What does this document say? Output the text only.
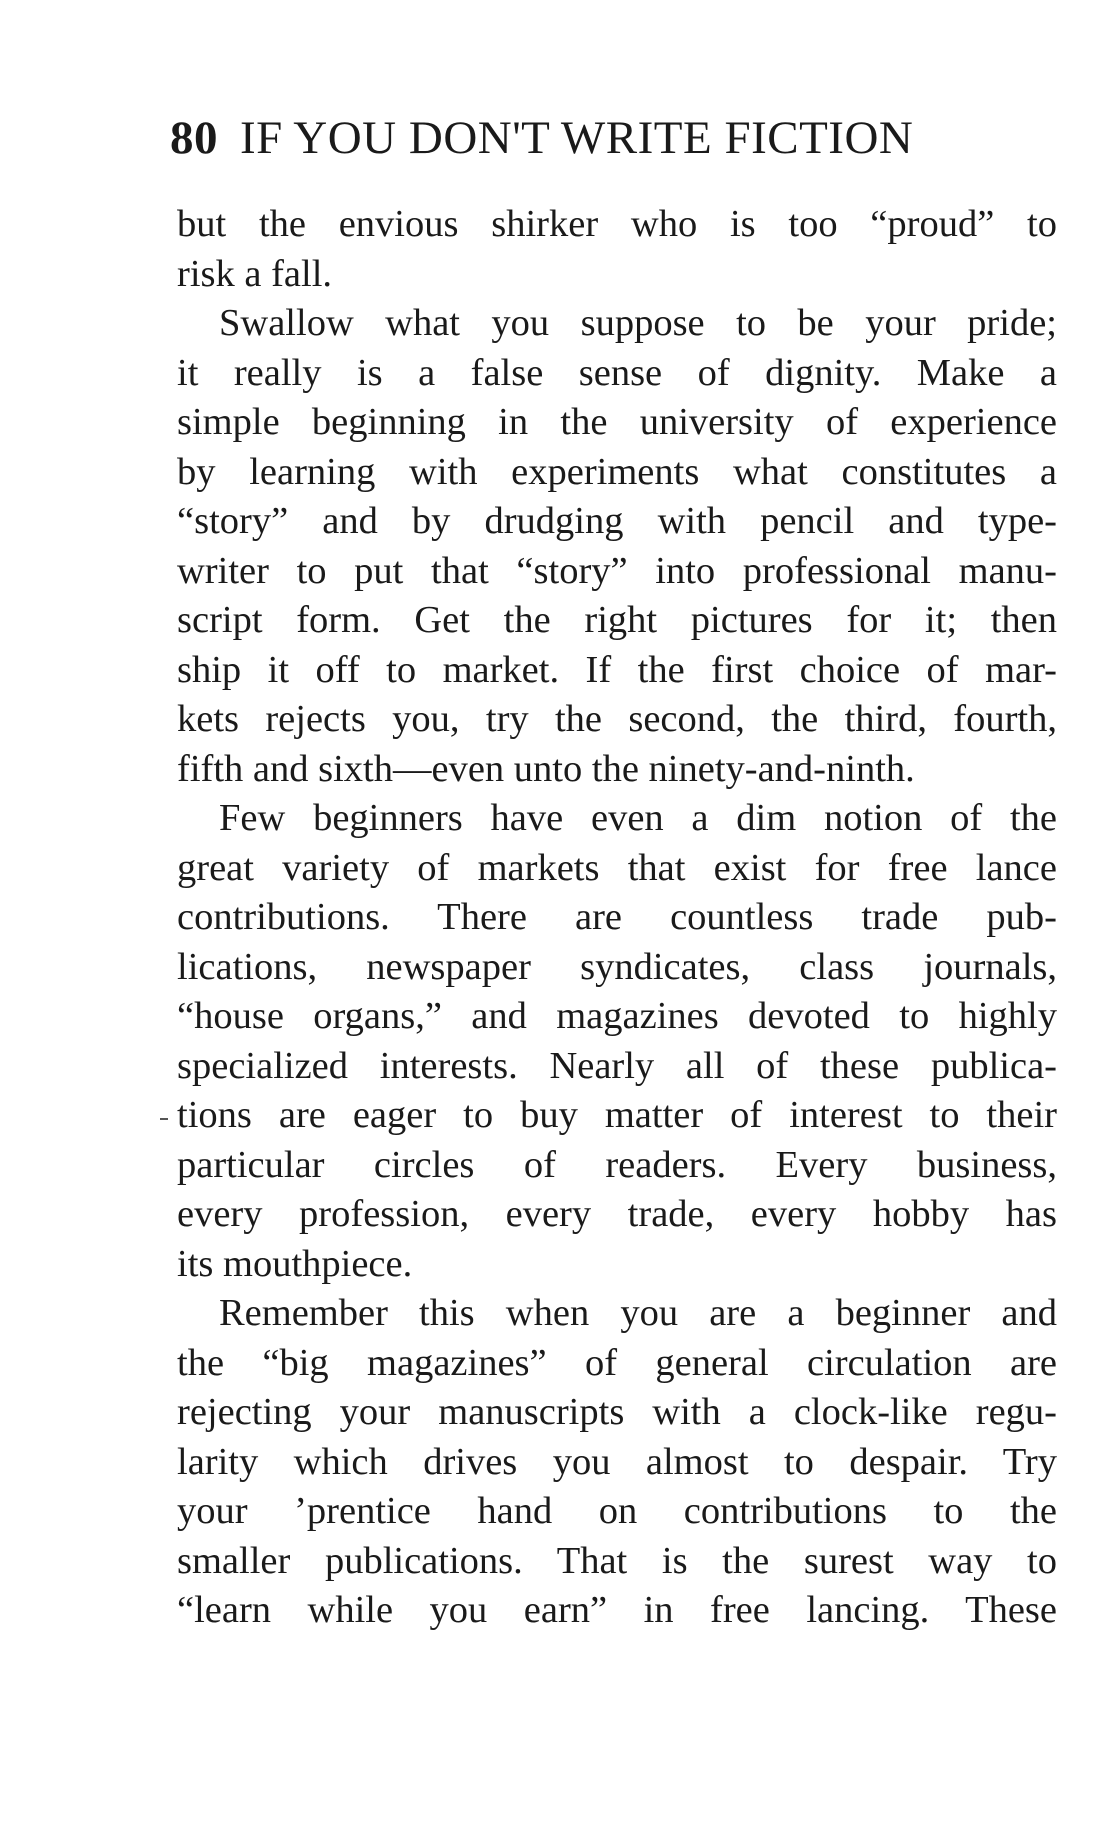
80 IF YOU DON'T WRITE FICTION
but the envious shirker who is too “proud” to
risk a fall.
Swallow what you suppose to be your pride;
it really is a false sense of dignity. Make a
simple beginning in the university of experience
by learning with experiments what constitutes a
“story” and by drudging with pencil and type-
writer to put that “story” into professional manu-
script form. Get the right pictures for it; then
ship it off to market. If the first choice of mar-
kets rejects you, try the second, the third, fourth,
fifth and sixth—even unto the ninety-and-ninth.
Few beginners have even a dim notion of the
great variety of markets that exist for free lance
contributions. There are countless trade pub-
lications, newspaper syndicates, class journals,
“house organs,” and magazines devoted to highly
specialized interests. Nearly all of these publica-
tions are eager to buy matter of interest to their
particular circles of readers. Every business,
every profession, every trade, every hobby has
its mouthpiece.
Remember this when you are a beginner and
the “big magazines” of general circulation are
rejecting your manuscripts with a clock-like regu-
larity which drives you almost to despair. Try
your ’prentice hand on contributions to the
smaller publications. That is the surest way to
“learn while you earn” in free lancing. These
